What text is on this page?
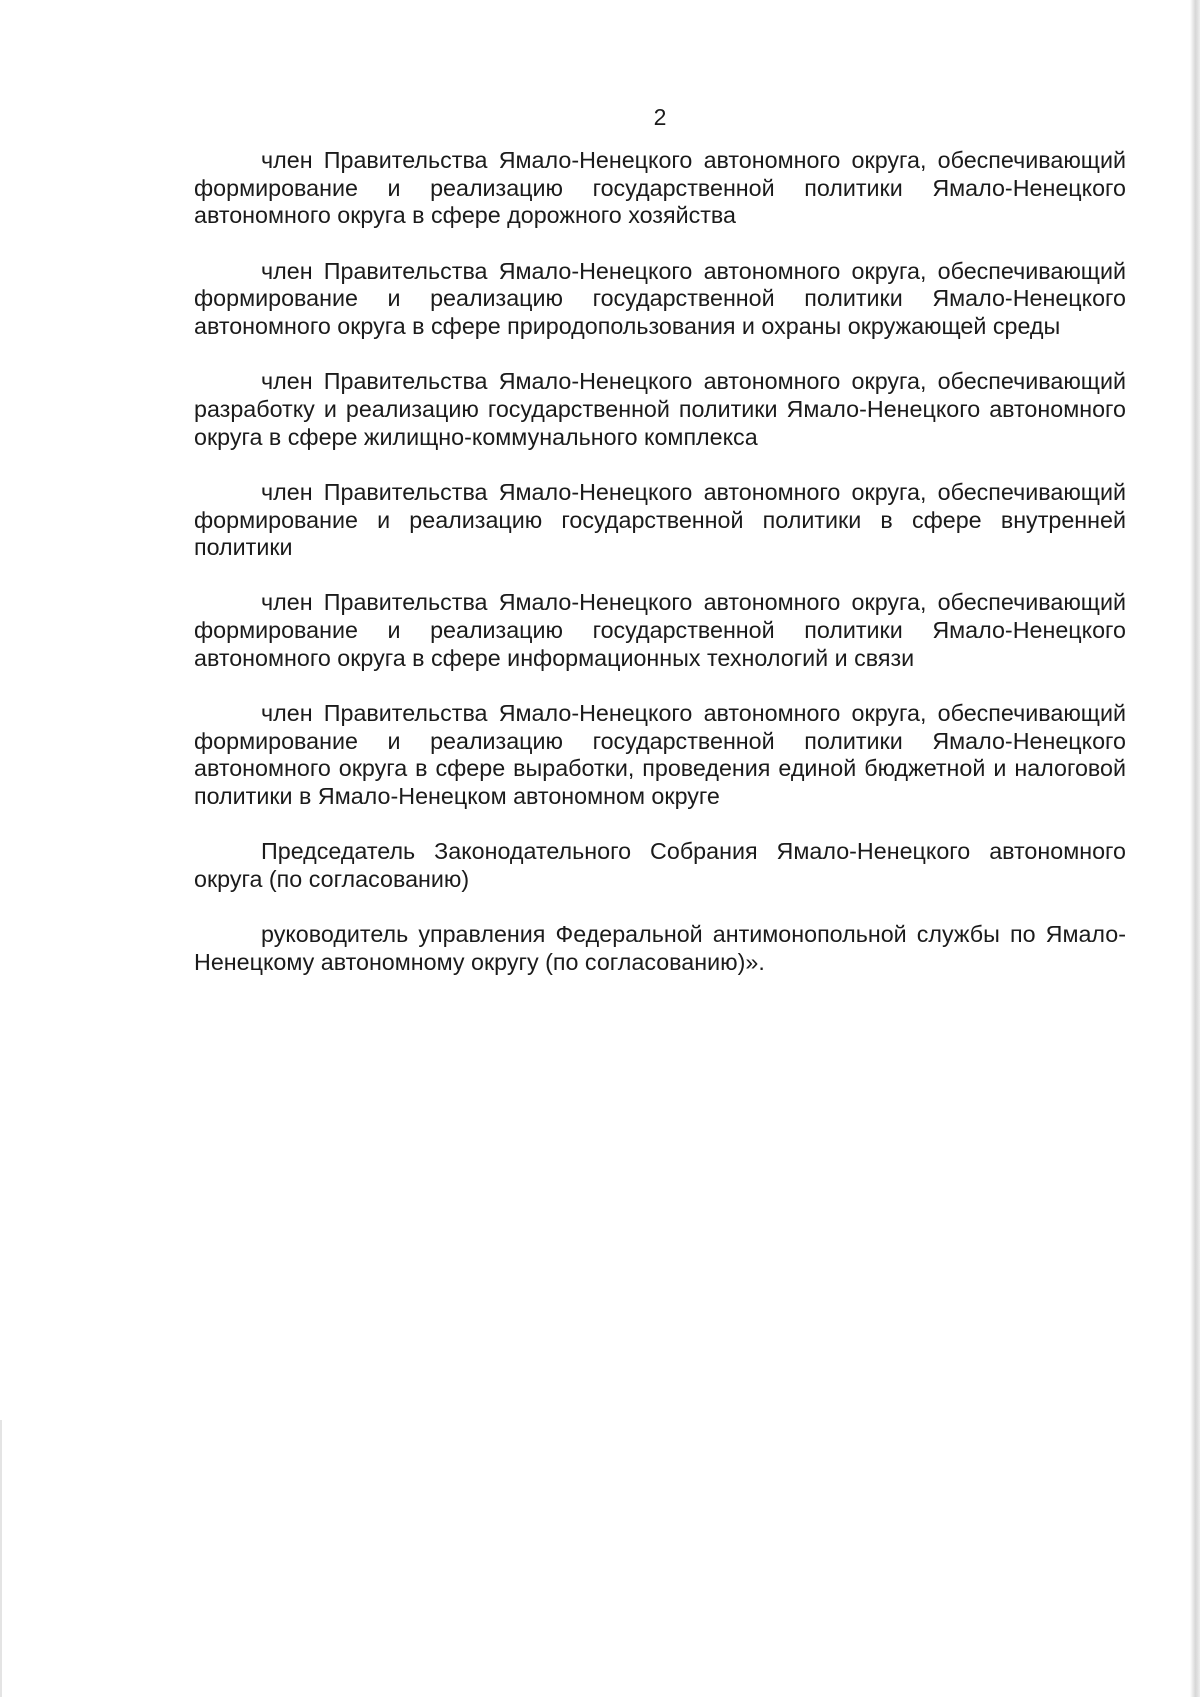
2

член Правительства Ямало-Ненецкого автономного округа, обеспечивающий формирование и реализацию государственной политики Ямало-Ненецкого автономного округа в сфере дорожного хозяйства

член Правительства Ямало-Ненецкого автономного округа, обеспечивающий формирование и реализацию государственной политики Ямало-Ненецкого автономного округа в сфере природопользования и охраны окружающей среды

член Правительства Ямало-Ненецкого автономного округа, обеспечивающий разработку и реализацию государственной политики Ямало-Ненецкого автономного округа в сфере жилищно-коммунального комплекса

член Правительства Ямало-Ненецкого автономного округа, обеспечивающий формирование и реализацию государственной политики в сфере внутренней политики

член Правительства Ямало-Ненецкого автономного округа, обеспечивающий формирование и реализацию государственной политики Ямало-Ненецкого автономного округа в сфере информационных технологий и связи

член Правительства Ямало-Ненецкого автономного округа, обеспечивающий формирование и реализацию государственной политики Ямало-Ненецкого автономного округа в сфере выработки, проведения единой бюджетной и налоговой политики в Ямало-Ненецком автономном округе

Председатель Законодательного Собрания Ямало-Ненецкого автономного округа (по согласованию)

руководитель управления Федеральной антимонопольной службы по Ямало-Ненецкому автономному округу (по согласованию)».
